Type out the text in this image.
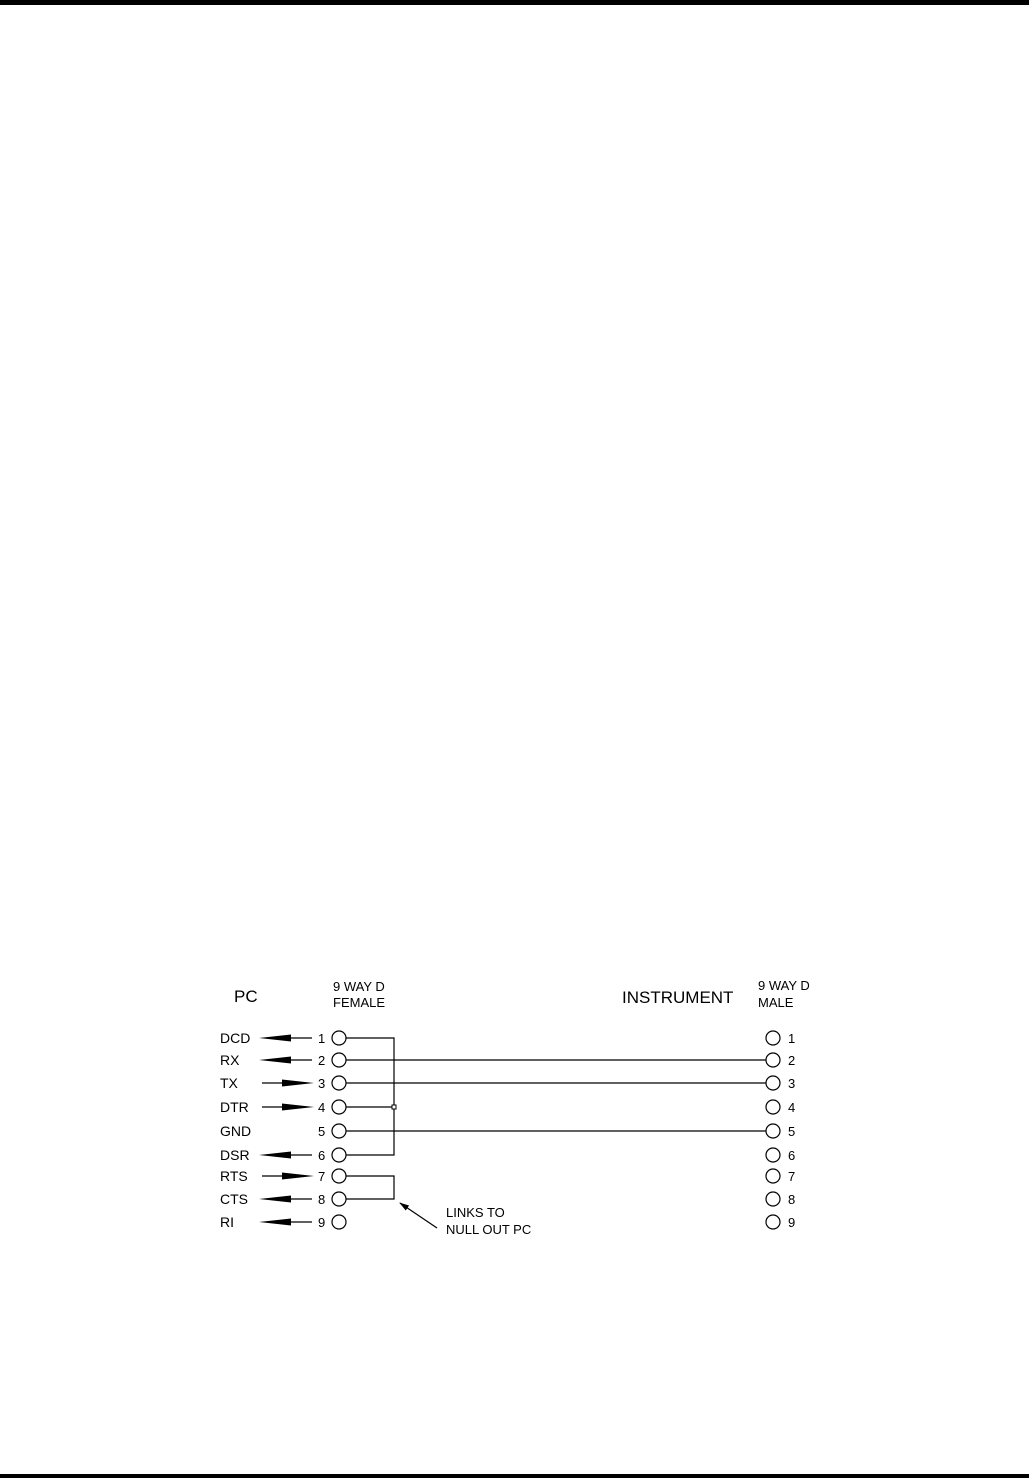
PC
9 WAY D
FEMALE	INSTRUMENT
9 WAY D
MALE
LINKS TO
NULL OUT PC
DCD	1
RX	2
TX	3
DTR	4
GND	5
DSR	6
RTS	7
CTS	8
RI	9
1
2
3
4
5
6
7
8
9
